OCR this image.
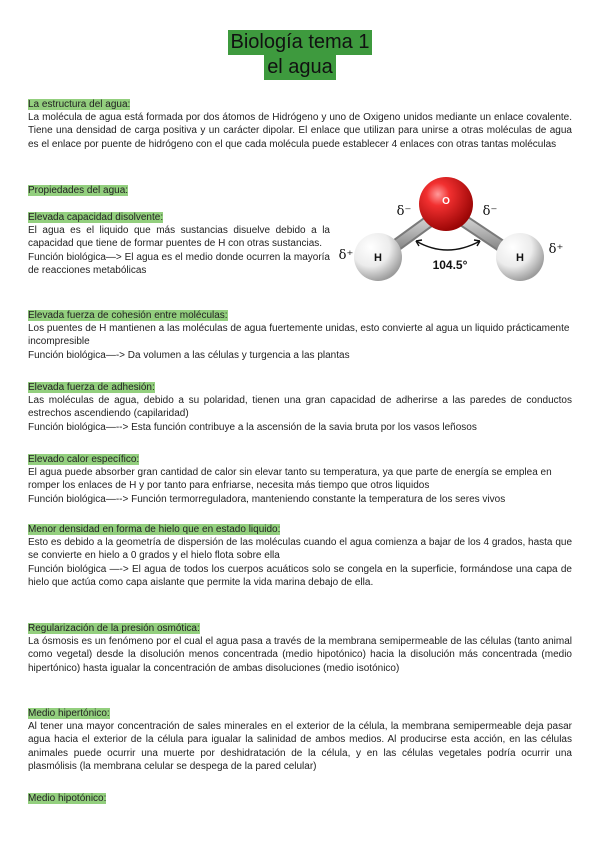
Biología tema 1
el agua
La estructura del agua:

La molécula de agua está formada por dos átomos de Hidrógeno y uno de Oxigeno unidos mediante un enlace covalente. Tiene una densidad de carga positiva y un carácter dipolar. El enlace que utilizan para unirse a otras moléculas de agua es el enlace por puente de hidrógeno con el que cada molécula puede establecer 4 enlaces con otras tantas moléculas

Propiedades del agua:
Elevada capacidad disolvente:

El agua es el liquido que más sustancias disuelve debido a la capacidad que tiene de formar puentes de H con otras sustancias.

Función biológica—> El agua es el medio donde ocurren la mayoría de reacciones metabólicas

O
H	H
δ⁻	δ⁻
δ⁺	δ⁺
104.5°
Elevada fuerza de cohesión entre moléculas:

Los puentes de H mantienen a las moléculas de agua fuertemente unidas, esto convierte al agua un liquido prácticamente incompresible

Función biológica—-> Da volumen a las células y turgencia a las plantas

Elevada fuerza de adhesión:

Las moléculas de agua, debido a su polaridad, tienen una gran capacidad de adherirse a las paredes de conductos estrechos ascendiendo (capilaridad)

Función biológica—--> Esta función contribuye a la ascensión de la savia bruta por los vasos leñosos

Elevado calor específico:

El agua puede absorber gran cantidad de calor sin elevar tanto su temperatura, ya que parte de energía se emplea en romper los enlaces de H y por tanto para enfriarse, necesita más tiempo que otros liquidos

Función biológica—--> Función termorreguladora, manteniendo constante la temperatura de los seres vivos

Menor densidad en forma de hielo que en estado liquido:

Esto es debido a la geometría de dispersión de las moléculas cuando el agua comienza a bajar de los 4 grados, hasta que se convierte en hielo a 0 grados y el hielo flota sobre ella

Función biológica —-> El agua de todos los cuerpos acuáticos solo se congela en la superficie, formándose una capa de hielo que actúa como capa aislante que permite la vida marina debajo de ella.

Regularización de la presión osmótica:

La ósmosis es un fenómeno por el cual el agua pasa a través de la membrana semipermeable de las células (tanto animal como vegetal) desde la disolución menos concentrada (medio hipotónico) hacia la disolución más concentrada (medio hipertónico) hasta igualar la concentración de ambas disoluciones (medio isotónico)

Medio hipertónico:

Al tener una mayor concentración de sales minerales en el exterior de la célula, la membrana semipermeable deja pasar agua hacia el exterior de la célula para igualar la salinidad de ambos medios. Al producirse esta acción, en las células animales puede ocurrir una muerte por deshidratación de la célula, y en las células vegetales podría ocurrir una plasmólisis (la membrana celular se despega de la pared celular)

Medio hipotónico:
